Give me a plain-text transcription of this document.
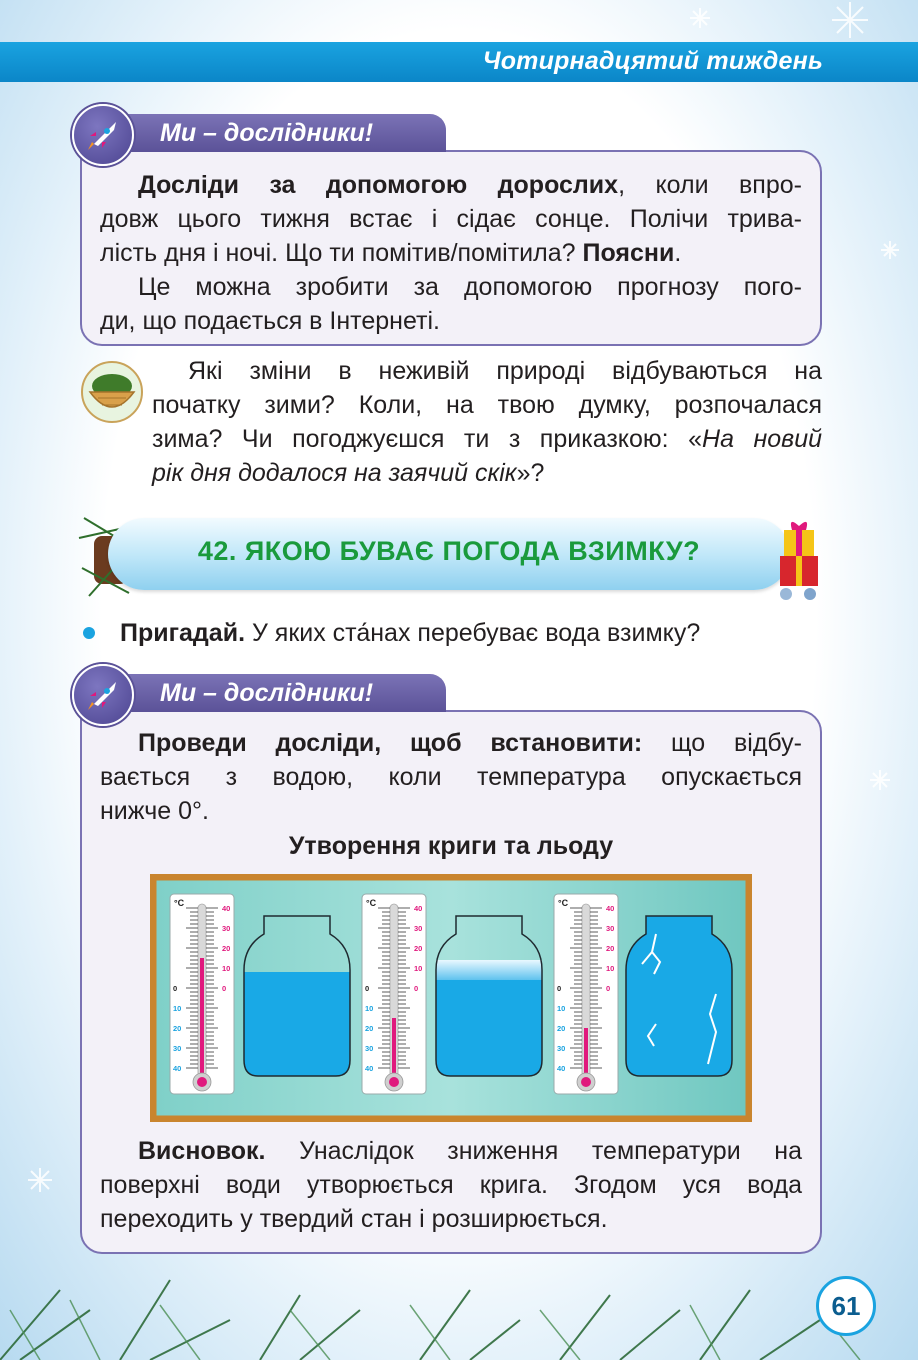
Чотирнадцятий тиждень
Ми – дослідники!
Досліди за допомогою дорослих, коли впро-
довж цього тижня встає і сідає сонце. Полічи трива-
лість дня і ночі. Що ти помітив/помітила? Поясни.
Це можна зробити за допомогою прогнозу пого-
ди, що подається в Інтернеті.
Які зміни в неживій природі відбуваються на
початку зими? Коли, на твою думку, розпочалася
зима? Чи погоджуєшся ти з приказкою: «На новий
рік дня додалося на заячий скік»?
42. ЯКОЮ БУВАЄ ПОГОДА ВЗИМКУ?
Пригадай. У яких ста́нах перебуває вода взимку?
Ми – дослідники!
Проведи досліди, щоб встановити: що відбу-
вається з водою, коли температура опускається
нижче 0°.
Утворення криги та льоду
°C
40
30
20
10
0
0
10
20
30
40
°C
40
30
20
10
0
0
10
20
30
40
°C
40
30
20
10
0
0
10
20
30
40
Висновок. Унаслідок зниження температури на
поверхні води утворюється крига. Згодом уся вода
переходить у твердий стан і розширюється.
61
